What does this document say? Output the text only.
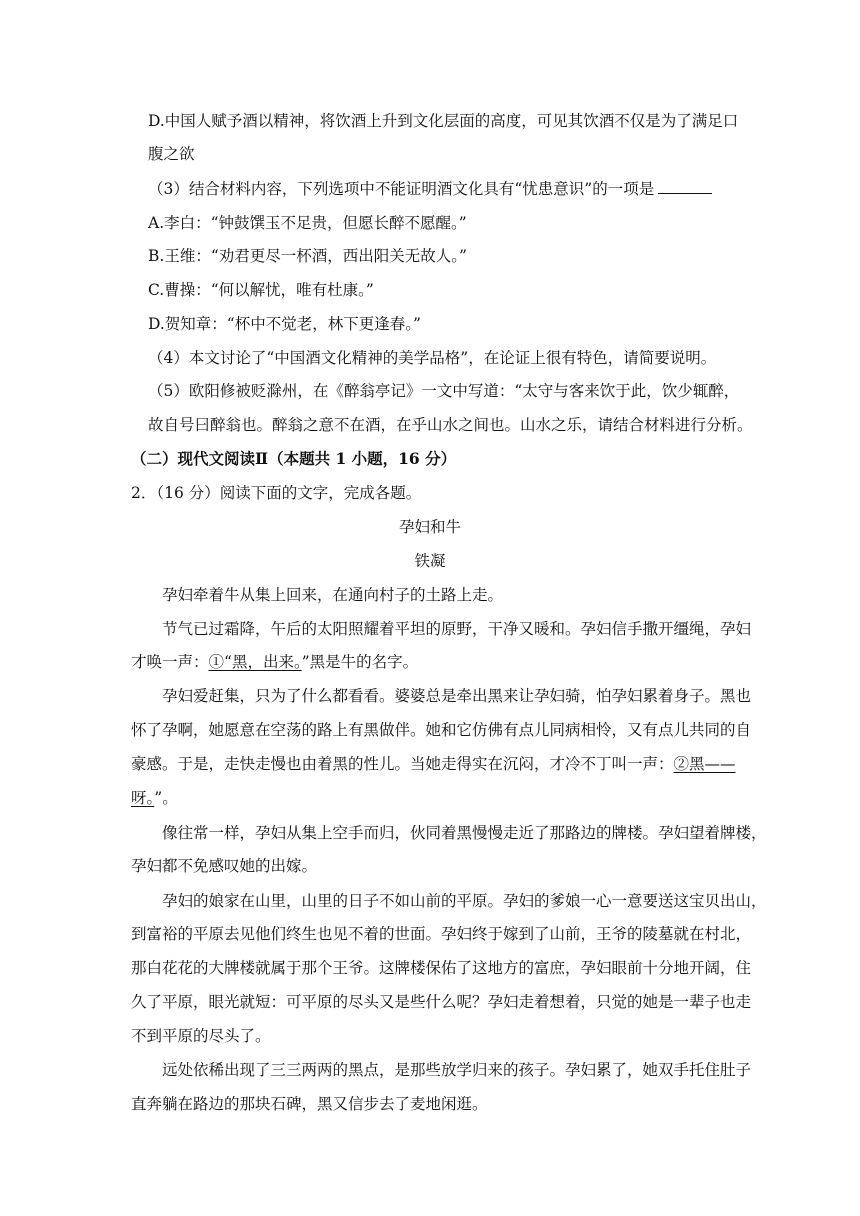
D.中国人赋予酒以精神，将饮酒上升到文化层面的高度，可见其饮酒不仅是为了满足口
腹之欲
（3）结合材料内容，下列选项中不能证明酒文化具有“忧患意识”的一项是
A.李白：“钟鼓馔玉不足贵，但愿长醉不愿醒。”
B.王维：“劝君更尽一杯酒，西出阳关无故人。”
C.曹操：“何以解忧，唯有杜康。”
D.贺知章：“杯中不觉老，林下更逢春。”
（4）本文讨论了“中国酒文化精神的美学品格”，在论证上很有特色，请简要说明。
（5）欧阳修被贬滁州，在《醉翁亭记》一文中写道：“太守与客来饮于此，饮少辄醉，
故自号曰醉翁也。醉翁之意不在酒，在乎山水之间也。山水之乐，请结合材料进行分析。
（二）现代文阅读Ⅱ（本题共 1 小题，16 分）
2．（16 分）阅读下面的文字，完成各题。
孕妇和牛
铁凝
孕妇牵着牛从集上回来，在通向村子的土路上走。
节气已过霜降，午后的太阳照耀着平坦的原野，干净又暖和。孕妇信手撒开缰绳，孕妇
才唤一声：①“黑，出来。”黑是牛的名字。
孕妇爱赶集，只为了什么都看看。婆婆总是牵出黑来让孕妇骑，怕孕妇累着身子。黑也
怀了孕啊，她愿意在空荡的路上有黑做伴。她和它仿佛有点儿同病相怜，又有点儿共同的自
豪感。于是，走快走慢也由着黑的性儿。当她走得实在沉闷，才冷不丁叫一声：②黑——
呀。”。
像往常一样，孕妇从集上空手而归，伙同着黑慢慢走近了那路边的牌楼。孕妇望着牌楼，
孕妇都不免感叹她的出嫁。
孕妇的娘家在山里，山里的日子不如山前的平原。孕妇的爹娘一心一意要送这宝贝出山，
到富裕的平原去见他们终生也见不着的世面。孕妇终于嫁到了山前，王爷的陵墓就在村北，
那白花花的大牌楼就属于那个王爷。这牌楼保佑了这地方的富庶，孕妇眼前十分地开阔，住
久了平原，眼光就短：可平原的尽头又是些什么呢？孕妇走着想着，只觉的她是一辈子也走
不到平原的尽头了。
远处依稀出现了三三两两的黑点，是那些放学归来的孩子。孕妇累了，她双手托住肚子
直奔躺在路边的那块石碑，黑又信步去了麦地闲逛。
